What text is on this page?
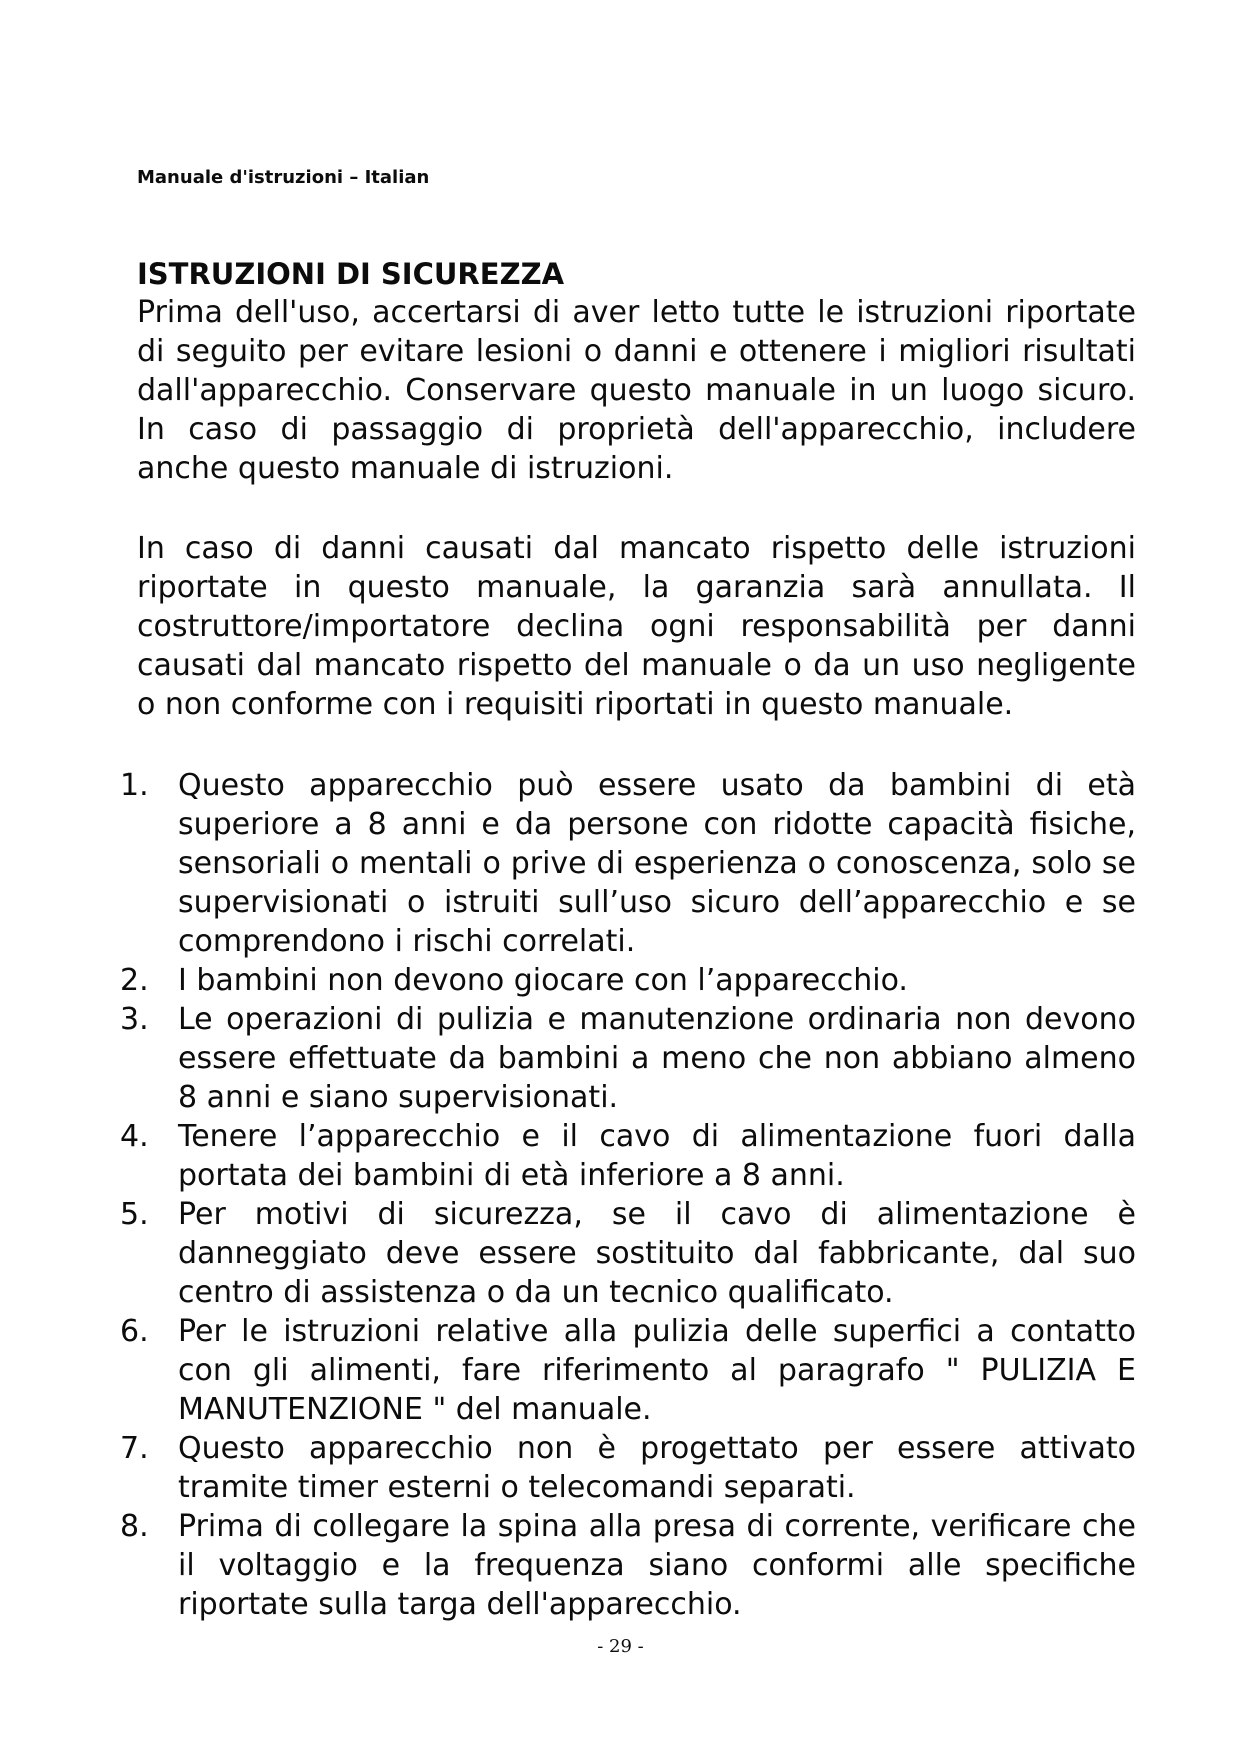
Manuale d'istruzioni – Italian
ISTRUZIONI DI SICUREZZA

Prima dell'uso, accertarsi di aver letto tutte le istruzioni riportate di seguito per evitare lesioni o danni e ottenere i migliori risultati dall'apparecchio. Conservare questo manuale in un luogo sicuro. In caso di passaggio di proprietà dell'apparecchio, includere anche questo manuale di istruzioni.

In caso di danni causati dal mancato rispetto delle istruzioni riportate in questo manuale, la garanzia sarà annullata. Il costruttore/importatore declina ogni responsabilità per danni causati dal mancato rispetto del manuale o da un uso negligente o non conforme con i requisiti riportati in questo manuale.

1. Questo apparecchio può essere usato da bambini di età superiore a 8 anni e da persone con ridotte capacità fisiche, sensoriali o mentali o prive di esperienza o conoscenza, solo se supervisionati o istruiti sull’uso sicuro dell’apparecchio e se comprendono i rischi correlati.
2. I bambini non devono giocare con l’apparecchio.
3. Le operazioni di pulizia e manutenzione ordinaria non devono essere effettuate da bambini a meno che non abbiano almeno 8 anni e siano supervisionati.
4. Tenere l’apparecchio e il cavo di alimentazione fuori dalla portata dei bambini di età inferiore a 8 anni.
5. Per motivi di sicurezza, se il cavo di alimentazione è danneggiato deve essere sostituito dal fabbricante, dal suo centro di assistenza o da un tecnico qualificato.
6. Per le istruzioni relative alla pulizia delle superfici a contatto con gli alimenti, fare riferimento al paragrafo " PULIZIA E MANUTENZIONE " del manuale.
7. Questo apparecchio non è progettato per essere attivato tramite timer esterni o telecomandi separati.
8. Prima di collegare la spina alla presa di corrente, verificare che il voltaggio e la frequenza siano conformi alle specifiche riportate sulla targa dell'apparecchio.
- 29 -
